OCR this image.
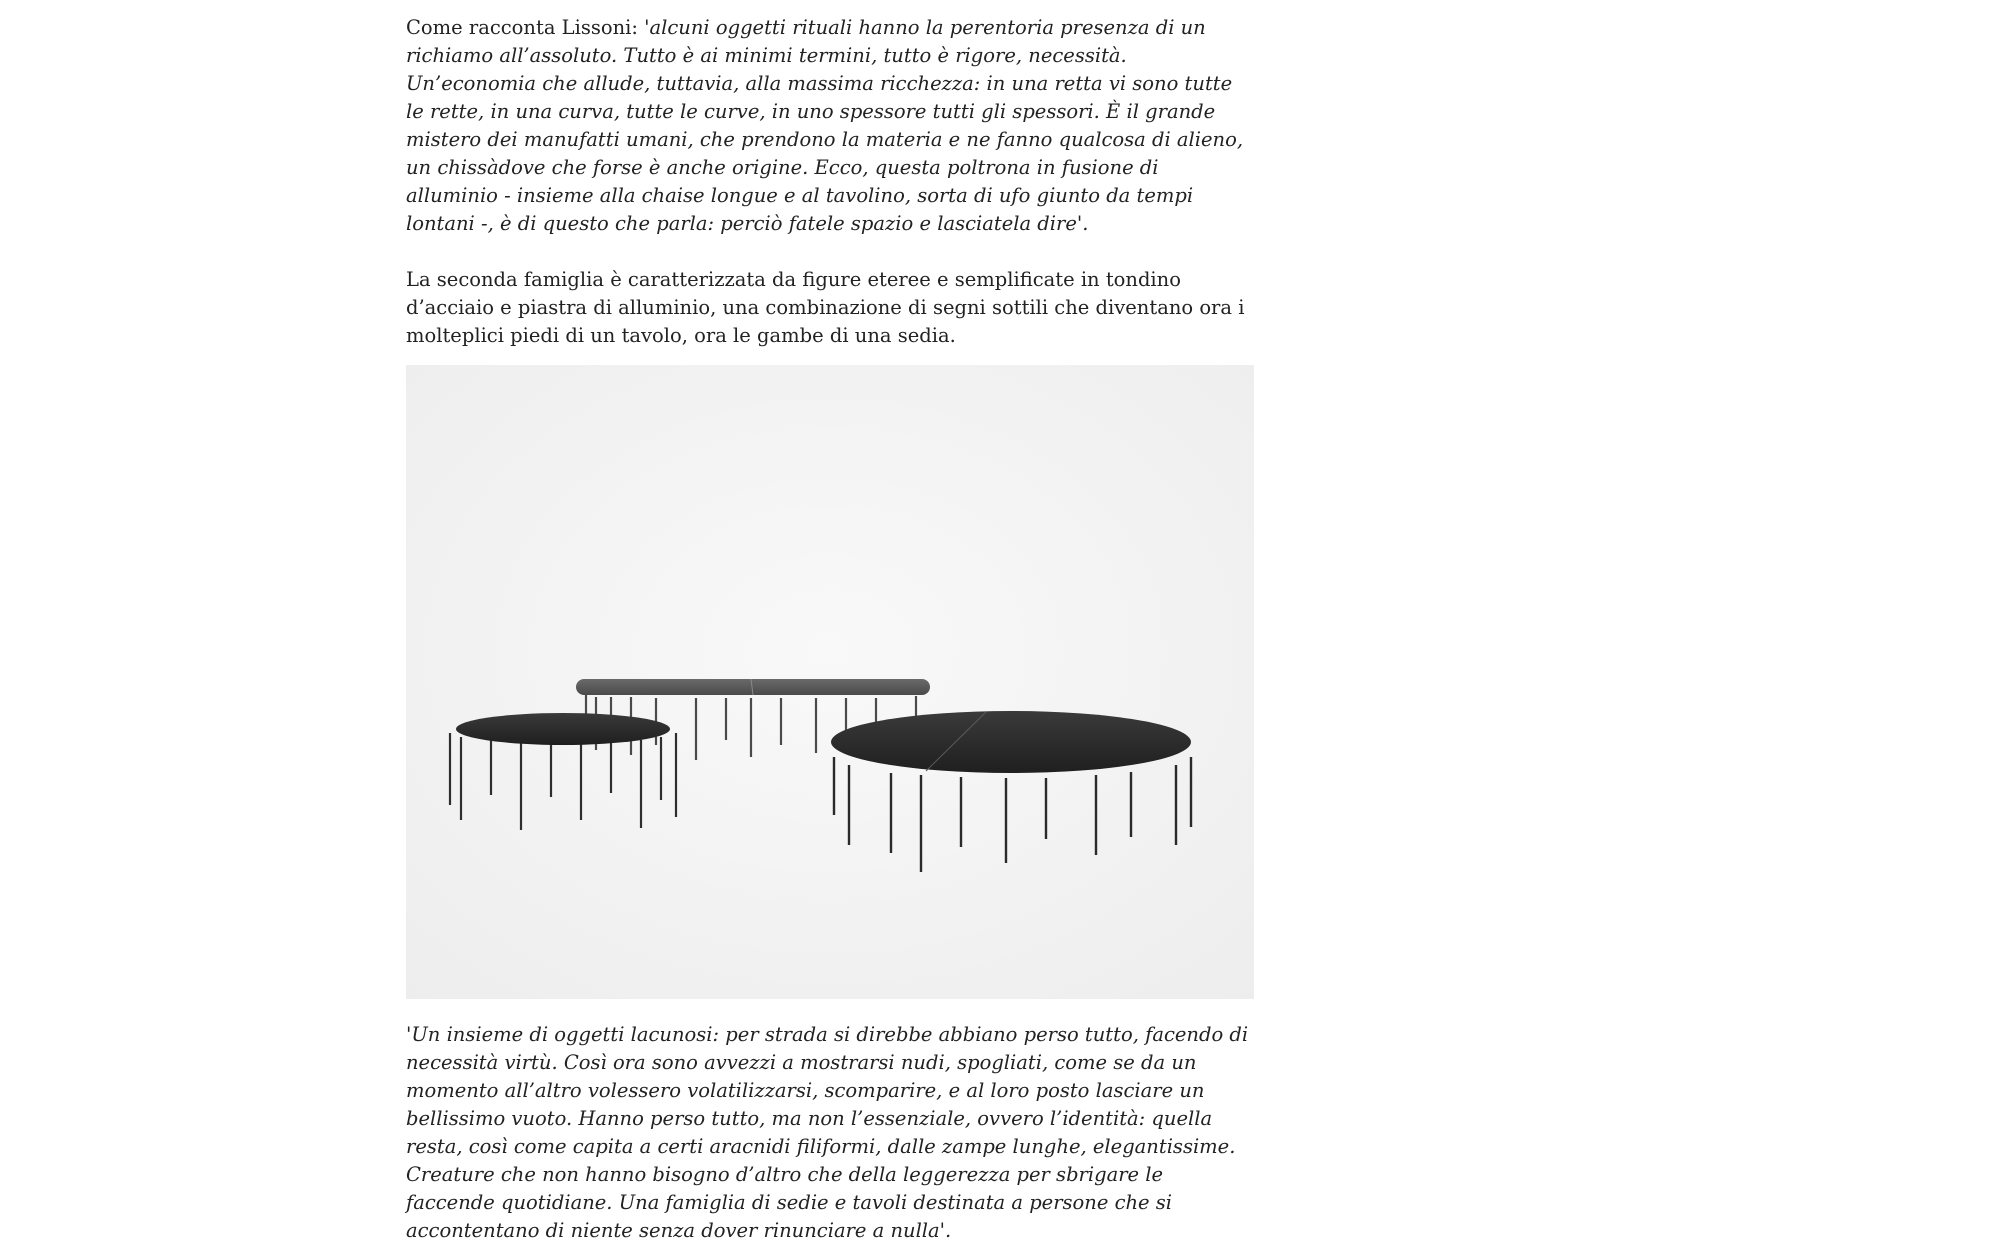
Come racconta Lissoni: 'alcuni oggetti rituali hanno la perentoria presenza di un richiamo all’assoluto. Tutto è ai minimi termini, tutto è rigore, necessità. Un’economia che allude, tuttavia, alla massima ricchezza: in una retta vi sono tutte le rette, in una curva, tutte le curve, in uno spessore tutti gli spessori. È il grande mistero dei manufatti umani, che prendono la materia e ne fanno qualcosa di alieno, un chissàdove che forse è anche origine. Ecco, questa poltrona in fusione di alluminio - insieme alla chaise longue e al tavolino, sorta di ufo giunto da tempi lontani -, è di questo che parla: perciò fatele spazio e lasciatela dire'.

La seconda famiglia è caratterizzata da figure eteree e semplificate in tondino d’acciaio e piastra di alluminio, una combinazione di segni sottili che diventano ora i molteplici piedi di un tavolo, ora le gambe di una sedia.

'Un insieme di oggetti lacunosi: per strada si direbbe abbiano perso tutto, facendo di necessità virtù. Così ora sono avvezzi a mostrarsi nudi, spogliati, come se da un momento all’altro volessero volatilizzarsi, scomparire, e al loro posto lasciare un bellissimo vuoto. Hanno perso tutto, ma non l’essenziale, ovvero l’identità: quella resta, così come capita a certi aracnidi filiformi, dalle zampe lunghe, elegantissime. Creature che non hanno bisogno d’altro che della leggerezza per sbrigare le faccende quotidiane. Una famiglia di sedie e tavoli destinata a persone che si accontentano di niente senza dover rinunciare a nulla'.
